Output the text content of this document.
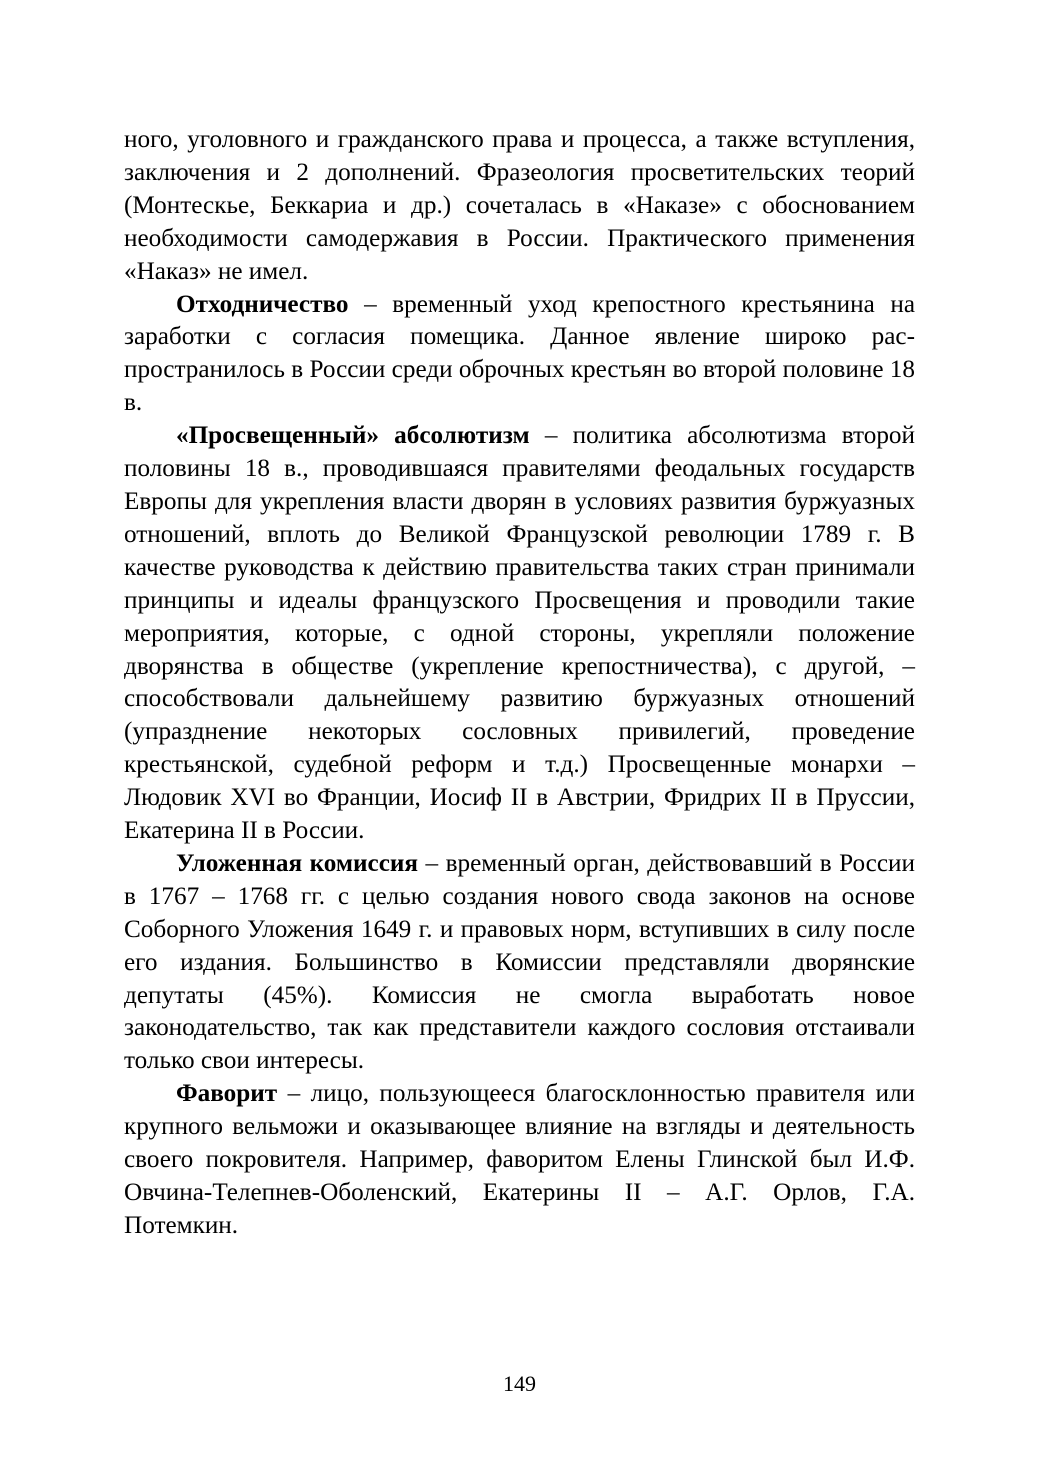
ного, уголовного и гражданского права и процесса, а также вступления, заключения и 2 дополнений. Фразеология просветительских теорий (Монтескье, Беккариа и др.) сочеталась в «Наказе» с обоснованием необходимости самодержавия в России. Практического применения «Наказ» не имел.

Отходничество – временный уход крепостного крестьянина на заработки с согласия помещика. Данное явление широко распространилось в России среди оброчных крестьян во второй половине 18 в.

«Просвещенный» абсолютизм – политика абсолютизма второй половины 18 в., проводившаяся правителями феодальных государств Европы для укрепления власти дворян в условиях развития буржуазных отношений, вплоть до Великой Французской революции 1789 г. В качестве руководства к действию правительства таких стран принимали принципы и идеалы французского Просвещения и проводили такие мероприятия, которые, с одной стороны, укрепляли положение дворянства в обществе (укрепление крепостничества), с другой, – способствовали дальнейшему развитию буржуазных отношений (упразднение некоторых сословных привилегий, проведение крестьянской, судебной реформ и т.д.) Просвещенные монархи – Людовик XVI во Франции, Иосиф II в Австрии, Фридрих II в Пруссии, Екатерина II в России.

Уложенная комиссия – временный орган, действовавший в России в 1767 – 1768 гг. с целью создания нового свода законов на основе Соборного Уложения 1649 г. и правовых норм, вступивших в силу после его издания. Большинство в Комиссии представляли дворянские депутаты (45%). Комиссия не смогла выработать новое законодательство, так как представители каждого сословия отстаивали только свои интересы.

Фаворит – лицо, пользующееся благосклонностью правителя или крупного вельможи и оказывающее влияние на взгляды и деятельность своего покровителя. Например, фаворитом Елены Глинской был И.Ф. Овчина-Телепнев-Оболенский, Екатерины II – А.Г. Орлов, Г.А. Потемкин.

149
